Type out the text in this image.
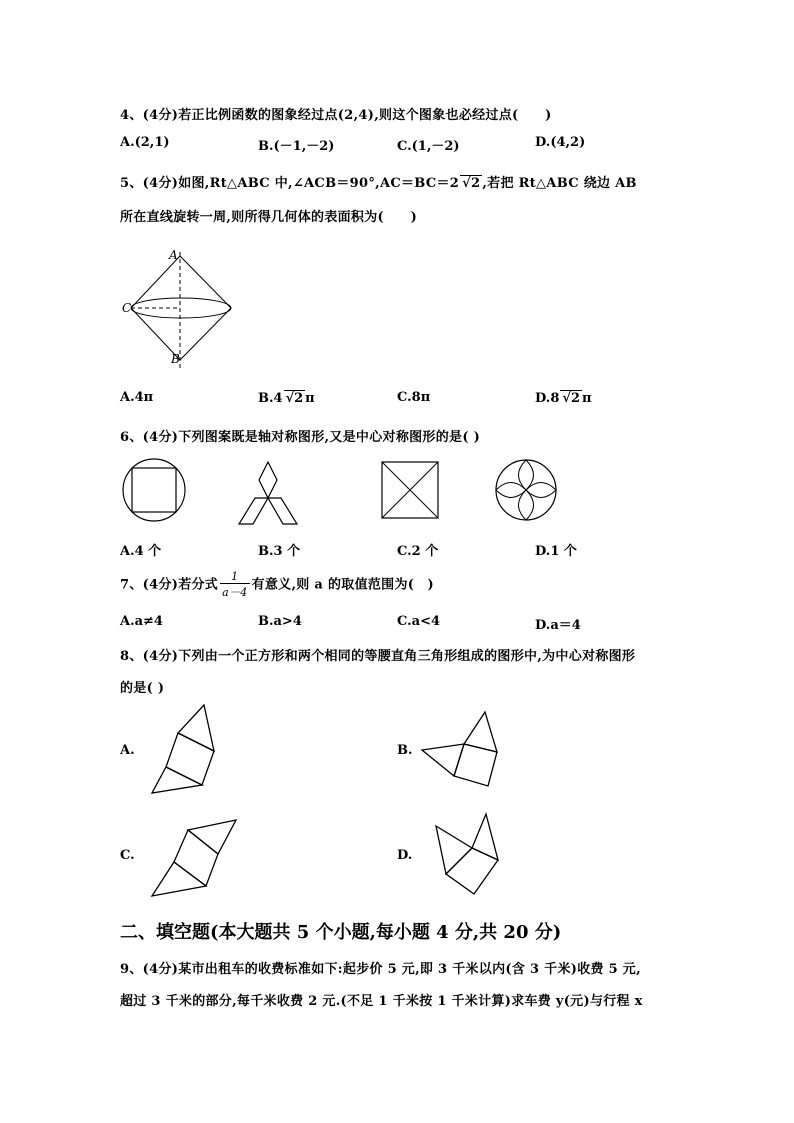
4、(4分)若正比例函数的图象经过点(2,4),则这个图象也必经过点(　　)
A.(2,1)	B.(－1,－2)	C.(1,－2)	D.(4,2)
5、(4分)如图,Rt△ABC 中,∠ACB＝90°,AC＝BC＝2 √2 ,若把 Rt△ABC 绕边 AB
所在直线旋转一周,则所得几何体的表面积为(　　)
A
C
B
A.4π	B.4 √2 π	C.8π	D.8 √2 π
6、(4分)下列图案既是轴对称图形,又是中心对称图形的是( )
A.4 个	B.3 个	C.2 个	D.1 个
7、(4分)若分式 $\frac{1}{a-4}$ 有意义,则 a 的取值范围为(　)
A.a≠4	B.a>4	C.a<4	D.a＝4
8、(4分)下列由一个正方形和两个相同的等腰直角三角形组成的图形中,为中心对称图形
的是( )
A.	B.
C.	D.
二、填空题(本大题共 5 个小题,每小题 4 分,共 20 分)
9、(4分)某市出租车的收费标准如下:起步价 5 元,即 3 千米以内(含 3 千米)收费 5 元,
超过 3 千米的部分,每千米收费 2 元.(不足 1 千米按 1 千米计算)求车费 y(元)与行程 x
